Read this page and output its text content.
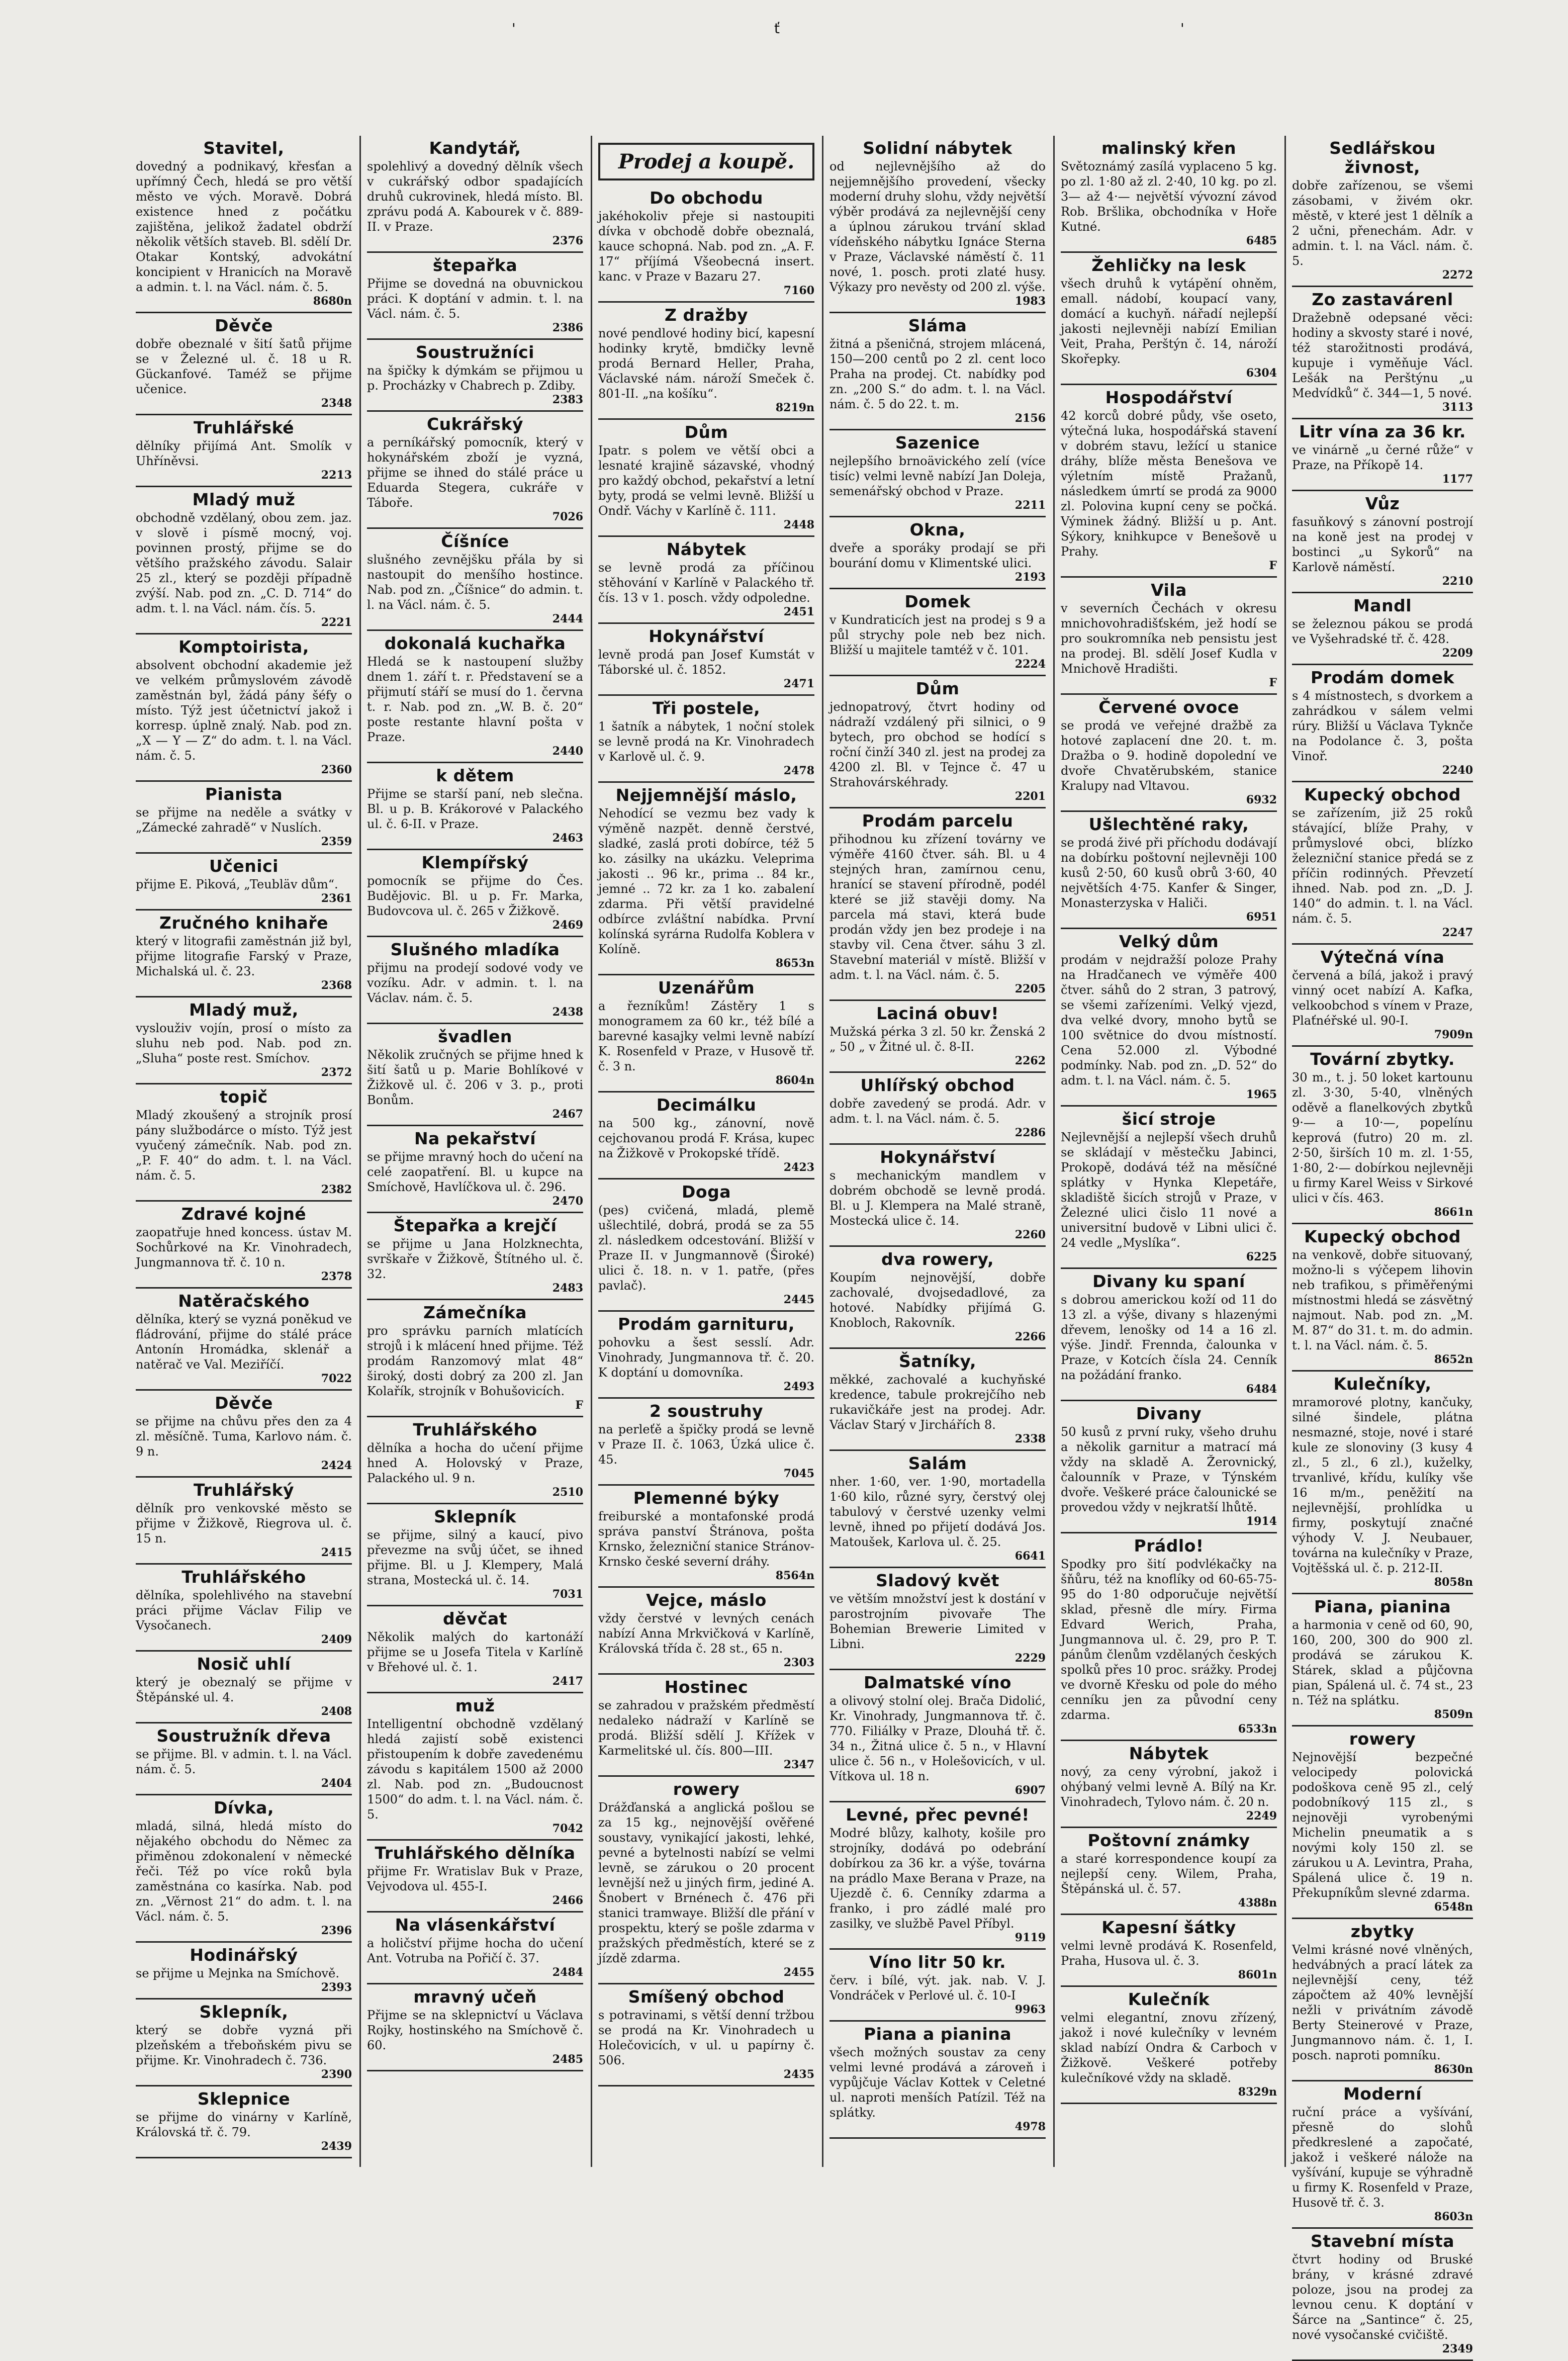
'	ť	'
Stavitel,

dovedný a podnikavý, křesťan a upřímný Čech, hledá se pro větší město ve vých. Moravě. Dobrá existence hned z počátku zajištěna, jelikož žadatel obdrží několik větších staveb. Bl. sdělí Dr. Otakar Kontský, advokátní koncipient v Hranicích na Moravě a admin. t. l. na Václ. nám. č. 5.

8680n
Děvče

dobře obeznalé v šití šatů přijme se v Železné ul. č. 18 u R. Gückanfové. Taméž se přijme učenice.

2348
Truhlářské

dělníky přijímá Ant. Smolík v Uhříněvsi.

2213
Mladý muž

obchodně vzdělaný, obou zem. jaz. v slově i písmě mocný, voj. povinnen prostý, přijme se do většího pražského závodu. Salair 25 zl., který se později případně zvýší. Nab. pod zn. „C. D. 714“ do adm. t. l. na Václ. nám. čís. 5.

2221
Komptoirista,

absolvent obchodní akademie jež ve velkém průmyslovém závodě zaměstnán byl, žádá pány šéfy o místo. Týž jest účetnictví jakož i korresp. úplně znalý. Nab. pod zn. „X — Y — Z“ do adm. t. l. na Václ. nám. č. 5.

2360
Pianista

se přijme na neděle a svátky v „Zámecké zahradě“ v Nuslích.

2359
Učenici

přijme E. Piková, „Teubläv dům“.

2361
Zručného knihaře

který v litografii zaměstnán již byl, přijme litografie Farský v Praze, Michalská ul. č. 23.

2368
Mladý muž,

vyslouživ vojín, prosí o místo za sluhu neb pod. Nab. pod zn. „Sluha“ poste rest. Smíchov.

2372
topič

Mladý zkoušený a strojník prosí pány službodárce o místo. Týž jest vyučený zámečník. Nab. pod zn. „P. F. 40“ do adm. t. l. na Václ. nám. č. 5.

2382
Zdravé kojné

zaopatřuje hned koncess. ústav M. Sochůrkové na Kr. Vinohradech, Jungmannova tř. č. 10 n.

2378
Natěračského

dělníka, který se vyzná poněkud ve fládrování, přijme do stálé práce Antonín Hromádka, sklenář a natěrač ve Val. Meziříčí.

7022
Děvče

se přijme na chůvu přes den za 4 zl. měsíčně. Tuma, Karlovo nám. č. 9 n.

2424
Truhlářský

dělník pro venkovské město se přijme v Žižkově, Riegrova ul. č. 15 n.

2415
Truhlářského

dělníka, spolehlivého na stavební práci přijme Václav Filip ve Vysočanech.

2409
Nosič uhlí

který je obeznalý se přijme v Štěpánské ul. 4.

2408
Soustružník dřeva

se přijme. Bl. v admin. t. l. na Václ. nám. č. 5.

2404
Dívka,

mladá, silná, hledá místo do nějakého obchodu do Němec za přiměnou zdokonalení v německé řeči. Též po více roků byla zaměstnána co kasírka. Nab. pod zn. „Věrnost 21“ do adm. t. l. na Václ. nám. č. 5.

2396
Hodinářský

se přijme u Mejnka na Smíchově.

2393
Sklepník,

který se dobře vyzná při plzeňském a třeboňském pivu se přijme. Kr. Vinohradech č. 736.

2390
Sklepnice

se přijme do vinárny v Karlíně, Královská tř. č. 79.

2439
Kandytář,

spolehlivý a dovedný dělník všech v cukrářský odbor spadajících druhů cukrovinek, hledá místo. Bl. zprávu podá A. Kabourek v č. 889-II. v Praze.

2376
štepařka

Přijme se dovedná na obuvnickou práci. K doptání v admin. t. l. na Václ. nám. č. 5.

2386
Soustružníci

na špičky k dýmkám se přijmou u p. Procházky v Chabrech p. Zdiby.

2383
Cukrářský

a perníkářský pomocník, který v hokynářském zboží je vyzná, přijme se ihned do stálé práce u Eduarda Stegera, cukráře v Táboře.

7026
Číšníce

slušného zevnějšku přála by si nastoupit do menšího hostince. Nab. pod zn. „Číšnice“ do admin. t. l. na Václ. nám. č. 5.

2444
dokonalá kuchařka

Hledá se k nastoupení služby dnem 1. září t. r. Představení se a přijmutí stáří se musí do 1. června t. r. Nab. pod zn. „W. B. č. 20“ poste restante hlavní pošta v Praze.

2440
k dětem

Přijme se starší paní, neb slečna. Bl. u p. B. Krákorové v Palackého ul. č. 6-II. v Praze.

2463
Klempířský

pomocník se přijme do Čes. Budějovic. Bl. u p. Fr. Marka, Budovcova ul. č. 265 v Žižkově.

2469
Slušného mladíka

přijmu na prodejí sodové vody ve vozíku. Adr. v admin. t. l. na Václav. nám. č. 5.

2438
švadlen

Několik zručných se přijme hned k šití šatů u p. Marie Bohlíkové v Žižkově ul. č. 206 v 3. p., proti Bonům.

2467
Na pekařství

se přijme mravný hoch do učení na celé zaopatření. Bl. u kupce na Smíchově, Havlíčkova ul. č. 296.

2470
Štepařka a krejčí

se přijme u Jana Holzknechta, svrškaře v Žižkově, Štítného ul. č. 32.

2483
Zámečníka

pro správku parních mlatících strojů i k mlácení hned přijme. Též prodám Ranzomový mlat 48“ široký, dosti dobrý za 200 zl. Jan Kolařík, strojník v Bohušovicích.

F
Truhlářského

dělníka a hocha do učení přijme hned A. Holovský v Praze, Palackého ul. 9 n.

2510
Sklepník

se přijme, silný a kaucí, pivo převezme na svůj účet, se ihned přijme. Bl. u J. Klempery, Malá strana, Mostecká ul. č. 14.

7031
děvčat

Několik malých do kartonáží přijme se u Josefa Titela v Karlíně v Břehové ul. č. 1.

2417
muž

Intelligentní obchodně vzdělaný hledá zajistí sobě existenci přistoupením k dobře zavedenému závodu s kapitálem 1500 až 2000 zl. Nab. pod zn. „Budoucnost 1500“ do adm. t. l. na Václ. nám. č. 5.

7042
Truhlářského dělníka

přijme Fr. Wratislav Buk v Praze, Vejvodova ul. 455-I.

2466
Na vlásenkářství

a holičství přijme hocha do učení Ant. Votruba na Pořičí č. 37.

2484
mravný učeň

Přijme se na sklepnictví u Václava Rojky, hostinského na Smíchově č. 60.

2485
Prodej a koupě.
Do obchodu

jakéhokoliv přeje si nastoupiti dívka v obchodě dobře obeznalá, kauce schopná. Nab. pod zn. „A. F. 17“ příjímá Všeobecná insert. kanc. v Praze v Bazaru 27.

7160
Z dražby

nové pendlové hodiny bicí, kapesní hodinky krytě, bmdičky levně prodá Bernard Heller, Praha, Václavské nám. nároží Smeček č. 801-II. „na košíku“.

8219n
Dům

Ipatr. s polem ve větší obci a lesnaté krajině sázavské, vhodný pro každý obchod, pekařství a letní byty, prodá se velmi levně. Bližší u Ondř. Váchy v Karlíně č. 111.

2448
Nábytek

se levně prodá za příčinou stěhování v Karlíně v Palackého tř. čís. 13 v 1. posch. vždy odpoledne.

2451
Hokynářství

levně prodá pan Josef Kumstát v Táborské ul. č. 1852.

2471
Tři postele,

1 šatník a nábytek, 1 noční stolek se levně prodá na Kr. Vinohradech v Karlově ul. č. 9.

2478
Nejjemnější máslo,

Nehodící se vezmu bez vady k výměně nazpět. denně čerstvé, sladké, zaslá proti dobírce, též 5 ko. zásilky na ukázku. Veleprima jakosti .. 96 kr., prima .. 84 kr., jemné .. 72 kr. za 1 ko. zabalení zdarma. Při větší pravidelné odbírce zvláštní nabídka. První kolínská syrárna Rudolfa Koblera v Kolíně.

8653n
Uzenářům

a řezníkům! Zástěry 1 s monogramem za 60 kr., též bílé a barevné kasajky velmi levně nabízí K. Rosenfeld v Praze, v Husově tř. č. 3 n.

8604n
Decimálku

na 500 kg., zánovní, nově cejchovanou prodá F. Krása, kupec na Žižkově v Prokopské třídě.

2423
Doga

(pes) cvičená, mladá, plemě ušlechtilé, dobrá, prodá se za 55 zl. následkem odcestování. Bližší v Praze II. v Jungmannově (Široké) ulici č. 18. n. v 1. patře, (přes pavlač).

2445
Prodám garnituru,

pohovku a šest sesslí. Adr. Vinohrady, Jungmannova tř. č. 20. K doptání u domovníka.

2493
2 soustruhy

na perleťě a špičky prodá se levně v Praze II. č. 1063, Úzká ulice č. 45.

7045
Plemenné býky

freiburské a montafonské prodá správa panství Štránova, pošta Krnsko, železniční stanice Stránov-Krnsko české severní dráhy.

8564n
Vejce, máslo

vždy čerstvé v levných cenách nabízí Anna Mrkvičková v Karlíně, Královská třída č. 28 st., 65 n.

2303
Hostinec

se zahradou v pražském předměstí nedaleko nádraží v Karlíně se prodá. Bližší sdělí J. Křížek v Karmelitské ul. čís. 800—III.

2347
rowery

Drážďanská a anglická pošlou se za 15 kg., nejnovější ověřené soustavy, vynikající jakosti, lehké, pevné a bytelnosti nabízí se velmi levně, se zárukou o 20 procent levnější než u jiných firm, jediné A. Šnobert v Brnénech č. 476 při stanici tramwaye. Bližší dle přání v prospektu, který se pošle zdarma v pražských předměstích, které se z jízdě zdarma.

2455
Smíšený obchod

s potravinami, s větší denní tržbou se prodá na Kr. Vinohradech u Holečovicích, v ul. u papírny č. 506.

2435
Solidní nábytek

od nejlevnějšího až do nejjemnějšího provedení, všecky moderní druhy slohu, vždy největší výběr prodává za nejlevnější ceny a úplnou zárukou trvání sklad vídeňského nábytku Ignáce Sterna v Praze, Václavské náměstí č. 11 nové, 1. posch. proti zlaté husy. Výkazy pro nevěsty od 200 zl. výše.

1983
Sláma

žitná a pšeničná, strojem mlácená, 150—200 centů po 2 zl. cent loco Praha na prodej. Ct. nabídky pod zn. „200 S.“ do adm. t. l. na Václ. nám. č. 5 do 22. t. m.

2156
Sazenice

nejlepšího brnoävického zelí (více tisíc) velmi levně nabízí Jan Doleja, semenářský obchod v Praze.

2211
Okna,

dveře a sporáky prodají se při bourání domu v Klimentské ulici.

2193
Domek

v Kundraticích jest na prodej s 9 a půl strychy pole neb bez nich. Bližší u majitele tamtéž v č. 101.

2224
Dům

jednopatrový, čtvrt hodiny od nádraží vzdálený při silnici, o 9 bytech, pro obchod se hodící s roční činží 340 zl. jest na prodej za 4200 zl. Bl. v Tejnce č. 47 u Strahovárskéhrady.

2201
Prodám parcelu

přihodnou ku zřízení továrny ve výměře 4160 čtver. sáh. Bl. u 4 stejných hran, zamírnou cenu, hranící se stavení přírodně, podél které se již stavěji domy. Na parcela má stavi, která bude prodán vždy jen bez prodeje i na stavby vil. Cena čtver. sáhu 3 zl. Stavební materiál v místě. Bližší v adm. t. l. na Václ. nám. č. 5.

2205
Laciná obuv!

Mužská pérka 3 zl. 50 kr. Ženská 2 „ 50 „ v Žitné ul. č. 8-II.

2262
Uhlířský obchod

dobře zavedený se prodá. Adr. v adm. t. l. na Václ. nám. č. 5.

2286
Hokynářství

s mechanickým mandlem v dobrém obchodě se levně prodá. Bl. u J. Klempera na Malé straně, Mostecká ulice č. 14.

2260
dva rowery,

Koupím nejnovější, dobře zachovalé, dvojsedadlové, za hotové. Nabídky přijímá G. Knobloch, Rakovník.

2266
Šatníky,

měkké, zachovalé a kuchyňské kredence, tabule prokrejčího neb rukavičkáře jest na prodej. Adr. Václav Starý v Jirchářích 8.

2338
Salám

nher. 1·60, ver. 1·90, mortadella 1·60 kilo, různé syry, čerstvý olej tabulový v čerstvé uzenky velmi levně, ihned po přijetí dodává Jos. Matoušek, Karlova ul. č. 25.

6641
Sladový květ

ve větším množství jest k dostání v parostrojním pivovaře The Bohemian Brewerie Limited v Libni.

2229
Dalmatské víno

a olivový stolní olej. Brača Didolić, Kr. Vinohrady, Jungmannova tř. č. 770. Filiálky v Praze, Dlouhá tř. č. 34 n., Žitná ulice č. 5 n., v Hlavní ulice č. 56 n., v Holešovicích, v ul. Vítkova ul. 18 n.

6907
Levné, přec pevné!

Modré blůzy, kalhoty, košile pro strojníky, dodává po odebrání dobírkou za 36 kr. a výše, továrna na prádlo Maxe Berana v Praze, na Ujezdě č. 6. Cenníky zdarma a franko, i pro zádlé malé pro zasilky, ve službě Pavel Příbyl.

9119
Víno litr 50 kr.

červ. i bílé, výt. jak. nab. V. J. Vondráček v Perlové ul. č. 10-I

9963
Piana a pianina

všech možných soustav za ceny velmi levné prodává a zároveň i vypůjčuje Václav Kottek v Celetné ul. naproti menších Patízil. Též na splátky.

4978
malinský křen

Světoznámý zasílá vyplaceno 5 kg. po zl. 1·80 až zl. 2·40, 10 kg. po zl. 3— až 4·— největší vývozní závod Rob. Bršlika, obchodníka v Hoře Kutné.

6485
Žehličky na lesk

všech druhů k vytápění ohněm, emall. nádobí, koupací vany, domácí a kuchyň. nářadí nejlepší jakosti nejlevněji nabízí Emilian Veit, Praha, Perštýn č. 14, nároží Skořepky.

6304
Hospodářství

42 korců dobré půdy, vše oseto, výtečná luka, hospodářská stavení v dobrém stavu, ležící u stanice dráhy, blíže města Benešova ve výletním místě Pražanů, následkem úmrtí se prodá za 9000 zl. Polovina kupní ceny se počká. Výminek žádný. Bližší u p. Ant. Sýkory, knihkupce v Benešově u Prahy.

F
Vila

v severních Čechách v okresu mnichovohradišťském, jež hodí se pro soukromníka neb pensistu jest na prodej. Bl. sdělí Josef Kudla v Mnichově Hradišti.

F
Červené ovoce

se prodá ve veřejné dražbě za hotové zaplacení dne 20. t. m. Dražba o 9. hodině dopolední ve dvoře Chvatěrubském, stanice Kralupy nad Vltavou.

6932
Ušlechtěné raky,

se prodá živé při příchodu dodávají na dobírku poštovní nejlevněji 100 kusů 2·50, 60 kusů obrů 3·60, 40 největších 4·75. Kanfer & Singer, Monasterzyska v Haliči.

6951
Velký dům

prodám v nejdražší poloze Prahy na Hradčanech ve výměře 400 čtver. sáhů do 2 stran, 3 patrový, se všemi zařízeními. Velký vjezd, dva velké dvory, mnoho bytů se 100 světnice do dvou místností. Cena 52.000 zl. Výbodné podmínky. Nab. pod zn. „D. 52“ do adm. t. l. na Václ. nám. č. 5.

1965
šicí stroje

Nejlevnější a nejlepší všech druhů se skládají v městečku Jabinci, Prokopě, dodává též na měsíčné splátky v Hynka Klepetáře, skladiště šicích strojů v Praze, v Železné ulici čislo 11 nové a universitní budově v Libni ulici č. 24 vedle „Myslíka“.

6225
Divany ku spaní

s dobrou americkou koží od 11 do 13 zl. a výše, divany s hlazenými dřevem, lenošky od 14 a 16 zl. výše. Jindř. Frennda, čalounka v Praze, v Kotcích čísla 24. Cenník na požádání franko.

6484
Divany

50 kusů z první ruky, všeho druhu a několik garnitur a matrací má vždy na skladě A. Žerovnický, čalounník v Praze, v Týnském dvoře. Veškeré práce čalounické se provedou vždy v nejkratší lhůtě.

1914
Prádlo!

Spodky pro šití podvlékačky na šňůru, též na knoflíky od 60-65-75-95 do 1·80 odporučuje největší sklad, přesně dle míry. Firma Edvard Werich, Praha, Jungmannova ul. č. 29, pro P. T. pánům členům vzdělaných českých spolků přes 10 proc. srážky. Prodej ve dvorně Křesku od pole do mého cenníku jen za původní ceny zdarma.

6533n
Nábytek

nový, za ceny výrobní, jakož i ohýbaný velmi levně A. Bílý na Kr. Vinohradech, Tylovo nám. č. 20 n.

2249
Poštovní známky

a staré korrespondence koupí za nejlepší ceny. Wilem, Praha, Štěpánská ul. č. 57.

4388n
Kapesní šátky

velmi levně prodává K. Rosenfeld, Praha, Husova ul. č. 3.

8601n
Kulečník

velmi elegantní, znovu zřízený, jakož i nové kulečníky v levném sklad nabízí Ondra & Carboch v Žižkově. Veškeré potřeby kulečníkové vždy na skladě.

8329n
Sedlářskou živnost,

dobře zařízenou, se všemi zásobami, v živém okr. městě, v které jest 1 dělník a 2 učni, přenechám. Adr. v admin. t. l. na Václ. nám. č. 5.

2272
Zo zastavárenl

Dražebně odepsané věci: hodiny a skvosty staré i nové, též starožitnosti prodává, kupuje i vyměňuje Václ. Lešák na Perštýnu „u Medvídků“ č. 344—1, 5 nové.

3113
Litr vína za 36 kr.

ve vinárně „u černé růže“ v Praze, na Příkopě 14.

1177
Vůz

fasuňkový s zánovní postrojí na koně jest na prodej v bostinci „u Sykorů“ na Karlově náměstí.

2210
Mandl

se železnou pákou se prodá ve Vyšehradské tř. č. 428.

2209
Prodám domek

s 4 místnostech, s dvorkem a zahrádkou v sálem velmi rúry. Bližší u Václava Tyknče na Podolance č. 3, pošta Vinoř.

2240
Kupecký obchod

se zařízením, již 25 roků stávající, blíže Prahy, v průmyslové obci, blízko železniční stanice předá se z příčin rodinných. Převzetí ihned. Nab. pod zn. „D. J. 140“ do admin. t. l. na Václ. nám. č. 5.

2247
Výtečná vína

červená a bílá, jakož i pravý vinný ocet nabízí A. Kafka, velkoobchod s vínem v Praze, Plaťnéřské ul. 90-I.

7909n
Tovární zbytky.

30 m., t. j. 50 loket kartounu zl. 3·30, 5·40, vlněných oděvě a flanelkových zbytků 9·— a 10·—, popelínu keprová (futro) 20 m. zl. 2·50, širších 10 m. zl. 1·55, 1·80, 2·— dobírkou nejlevněji u firmy Karel Weiss v Sirkové ulici v čís. 463.

8661n
Kupecký obchod

na venkově, dobře situovaný, možno-li s výčepem lihovin neb trafikou, s přiměřenými místnostmi hledá se zásvětný najmout. Nab. pod zn. „M. M. 87“ do 31. t. m. do admin. t. l. na Václ. nám. č. 5.

8652n
Kulečníky,

mramorové plotny, kančuky, silné šindele, plátna nesmazné, stoje, nové i staré kule ze slonoviny (3 kusy 4 zl., 5 zl., 6 zl.), kuželky, trvanlivé, křídu, kulíky vše 16 m/m., peněžití na nejlevnější, prohlídka u firmy, poskytují značné výhody V. J. Neubauer, továrna na kulečníky v Praze, Vojtěšská ul. č. p. 212-II.

8058n
Piana, pianina

a harmonia v ceně od 60, 90, 160, 200, 300 do 900 zl. prodává se zárukou K. Stárek, sklad a půjčovna pian, Spálená ul. č. 74 st., 23 n. Též na splátku.

8509n
rowery

Nejnovější bezpečné velocipedy polovická podoškova ceně 95 zl., celý podobníkový 115 zl., s nejnověji vyrobenými Michelin pneumatik a s novými koly 150 zl. se zárukou u A. Levintra, Praha, Spálená ulice č. 19 n. Překupníkům slevné zdarma.

6548n
zbytky

Velmi krásné nové vlněných, hedvábných a prací látek za nejlevnější ceny, též zápočtem až 40% levnější nežli v privátním závodě Berty Steinerové v Praze, Jungmannovo nám. č. 1, I. posch. naproti pomníku.

8630n
Moderní

ruční práce a vyšívání, přesně do slohů předkreslené a započaté, jakož i veškeré nálože na vyšívání, kupuje se výhradně u firmy K. Rosenfeld v Praze, Husově tř. č. 3.

8603n
Stavební místa

čtvrt hodiny od Bruské brány, v krásné zdravé poloze, jsou na prodej za levnou cenu. K doptání v Šárce na „Santince“ č. 25, nové vysočanské cvičiště.

2349
